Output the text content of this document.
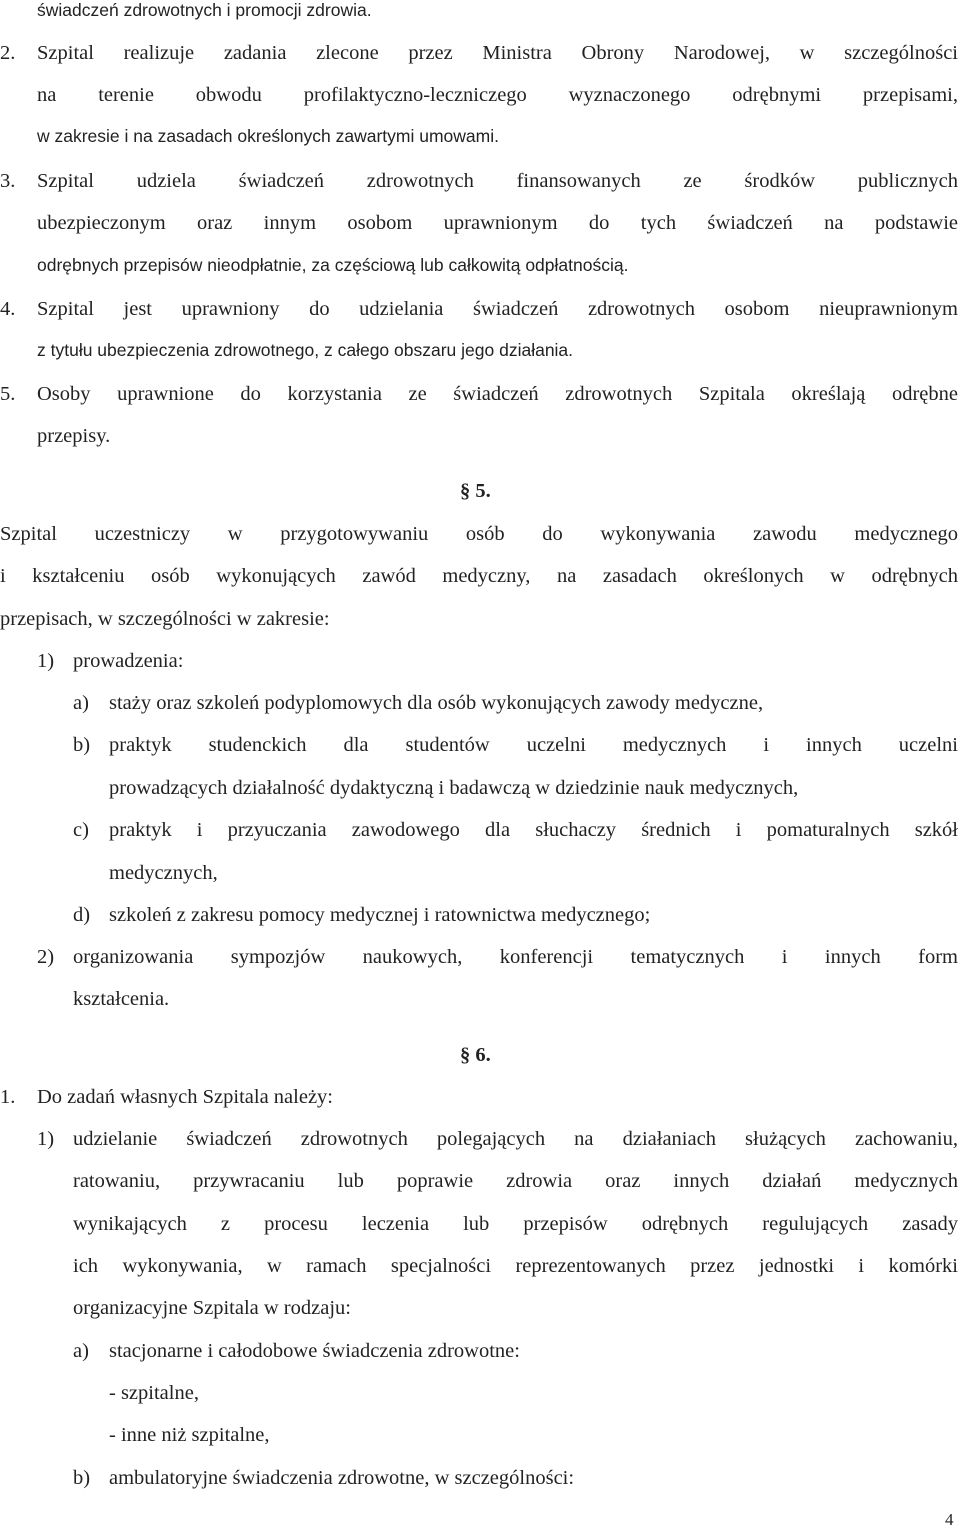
świadczeń zdrowotnych i promocji zdrowia.

2. Szpital realizuje zadania zlecone przez Ministra Obrony Narodowej, w szczególności

na terenie obwodu profilaktyczno-leczniczego wyznaczonego odrębnymi przepisami,

w zakresie i na zasadach określonych zawartymi umowami.

3. Szpital udziela świadczeń zdrowotnych finansowanych ze środków publicznych

ubezpieczonym oraz innym osobom uprawnionym do tych świadczeń na podstawie

odrębnych przepisów nieodpłatnie, za częściową lub całkowitą odpłatnością.

4. Szpital jest uprawniony do udzielania świadczeń zdrowotnych osobom nieuprawnionym

z tytułu ubezpieczenia zdrowotnego, z całego obszaru jego działania.

5. Osoby uprawnione do korzystania ze świadczeń zdrowotnych Szpitala określają odrębne

przepisy.

§ 5.

Szpital uczestniczy w przygotowywaniu osób do wykonywania zawodu medycznego

i kształceniu osób wykonujących zawód medyczny, na zasadach określonych w odrębnych

przepisach, w szczególności w zakresie:

1) prowadzenia:

a) staży oraz szkoleń podyplomowych dla osób wykonujących zawody medyczne,

b) praktyk studenckich dla studentów uczelni medycznych i innych uczelni

prowadzących działalność dydaktyczną i badawczą w dziedzinie nauk medycznych,

c) praktyk i przyuczania zawodowego dla słuchaczy średnich i pomaturalnych szkół

medycznych,

d) szkoleń z zakresu pomocy medycznej i ratownictwa medycznego;

2) organizowania sympozjów naukowych, konferencji tematycznych i innych form

kształcenia.

§ 6.

1. Do zadań własnych Szpitala należy:

1) udzielanie świadczeń zdrowotnych polegających na działaniach służących zachowaniu,

ratowaniu, przywracaniu lub poprawie zdrowia oraz innych działań medycznych

wynikających z procesu leczenia lub przepisów odrębnych regulujących zasady

ich wykonywania, w ramach specjalności reprezentowanych przez jednostki i komórki

organizacyjne Szpitala w rodzaju:

a) stacjonarne i całodobowe świadczenia zdrowotne:

- szpitalne,

- inne niż szpitalne,

b) ambulatoryjne świadczenia zdrowotne, w szczególności:

4
